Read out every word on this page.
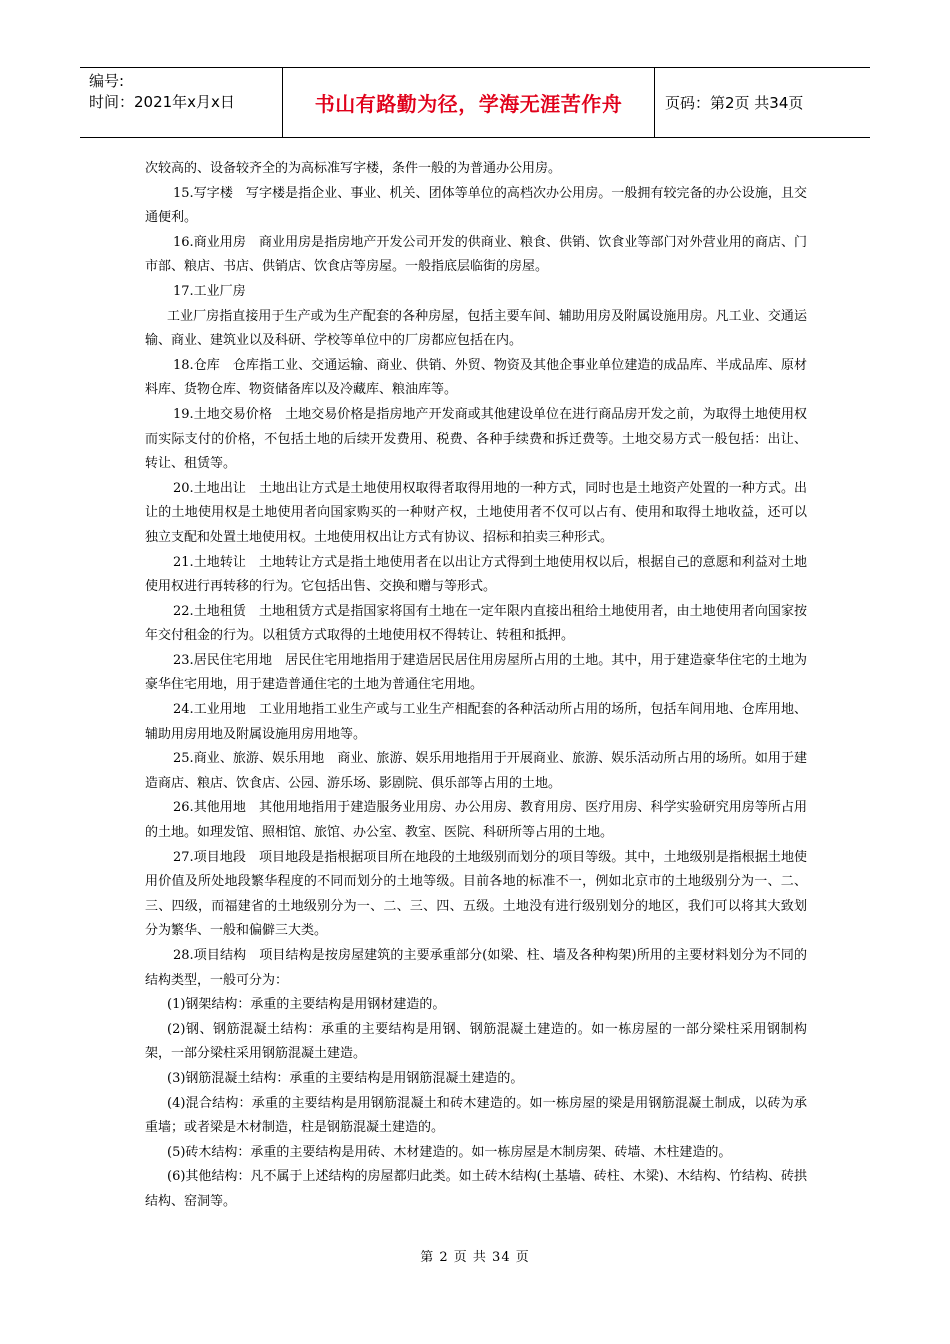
编号:
时间：2021年x月x日	书山有路勤为径，学海无涯苦作舟	页码：第2页 共34页

次较高的、设备较齐全的为高标准写字楼，条件一般的为普通办公用房。

15.写字楼　写字楼是指企业、事业、机关、团体等单位的高档次办公用房。一般拥有较完备的办公设施，且交通便利。

16.商业用房　商业用房是指房地产开发公司开发的供商业、粮食、供销、饮食业等部门对外营业用的商店、门市部、粮店、书店、供销店、饮食店等房屋。一般指底层临街的房屋。

17.工业厂房

工业厂房指直接用于生产或为生产配套的各种房屋，包括主要车间、辅助用房及附属设施用房。凡工业、交通运输、商业、建筑业以及科研、学校等单位中的厂房都应包括在内。

18.仓库　仓库指工业、交通运输、商业、供销、外贸、物资及其他企事业单位建造的成品库、半成品库、原材料库、货物仓库、物资储备库以及冷藏库、粮油库等。

19.土地交易价格　土地交易价格是指房地产开发商或其他建设单位在进行商品房开发之前，为取得土地使用权而实际支付的价格，不包括土地的后续开发费用、税费、各种手续费和拆迁费等。土地交易方式一般包括：出让、转让、租赁等。

20.土地出让　土地出让方式是土地使用权取得者取得用地的一种方式，同时也是土地资产处置的一种方式。出让的土地使用权是土地使用者向国家购买的一种财产权，土地使用者不仅可以占有、使用和取得土地收益，还可以独立支配和处置土地使用权。土地使用权出让方式有协议、招标和拍卖三种形式。

21.土地转让　土地转让方式是指土地使用者在以出让方式得到土地使用权以后，根据自己的意愿和利益对土地使用权进行再转移的行为。它包括出售、交换和赠与等形式。

22.土地租赁　土地租赁方式是指国家将国有土地在一定年限内直接出租给土地使用者，由土地使用者向国家按年交付租金的行为。以租赁方式取得的土地使用权不得转让、转租和抵押。

23.居民住宅用地　居民住宅用地指用于建造居民居住用房屋所占用的土地。其中，用于建造豪华住宅的土地为豪华住宅用地，用于建造普通住宅的土地为普通住宅用地。

24.工业用地　工业用地指工业生产或与工业生产相配套的各种活动所占用的场所，包括车间用地、仓库用地、辅助用房用地及附属设施用房用地等。

25.商业、旅游、娱乐用地　商业、旅游、娱乐用地指用于开展商业、旅游、娱乐活动所占用的场所。如用于建造商店、粮店、饮食店、公园、游乐场、影剧院、俱乐部等占用的土地。

26.其他用地　其他用地指用于建造服务业用房、办公用房、教育用房、医疗用房、科学实验研究用房等所占用的土地。如理发馆、照相馆、旅馆、办公室、教室、医院、科研所等占用的土地。

27.项目地段　项目地段是指根据项目所在地段的土地级别而划分的项目等级。其中，土地级别是指根据土地使用价值及所处地段繁华程度的不同而划分的土地等级。目前各地的标准不一，例如北京市的土地级别分为一、二、三、四级，而福建省的土地级别分为一、二、三、四、五级。土地没有进行级别划分的地区，我们可以将其大致划分为繁华、一般和偏僻三大类。

28.项目结构　项目结构是按房屋建筑的主要承重部分(如梁、柱、墙及各种构架)所用的主要材料划分为不同的结构类型，一般可分为：

(1)钢架结构：承重的主要结构是用钢材建造的。

(2)钢、钢筋混凝土结构：承重的主要结构是用钢、钢筋混凝土建造的。如一栋房屋的一部分梁柱采用钢制构架，一部分梁柱采用钢筋混凝土建造。

(3)钢筋混凝土结构：承重的主要结构是用钢筋混凝土建造的。

(4)混合结构：承重的主要结构是用钢筋混凝土和砖木建造的。如一栋房屋的梁是用钢筋混凝土制成，以砖为承重墙；或者梁是木材制造，柱是钢筋混凝土建造的。

(5)砖木结构：承重的主要结构是用砖、木材建造的。如一栋房屋是木制房架、砖墙、木柱建造的。

(6)其他结构：凡不属于上述结构的房屋都归此类。如土砖木结构(土基墙、砖柱、木梁)、木结构、竹结构、砖拱结构、窑洞等。

第 2 页 共 34 页
